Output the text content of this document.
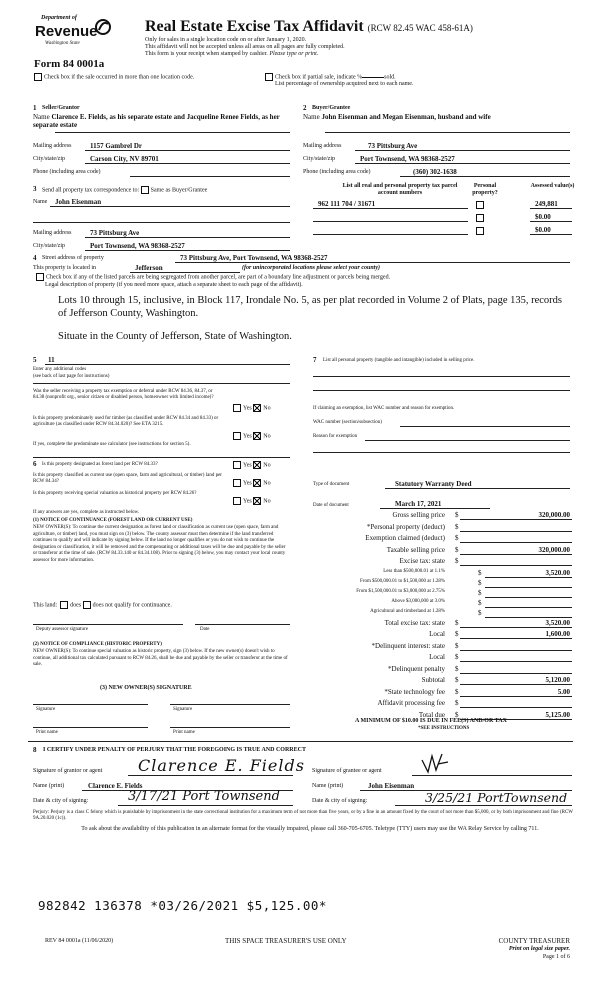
Department of
Revenue
Washington State
Form 84 0001a
Real Estate Excise Tax Affidavit (RCW 82.45 WAC 458-61A)
Only for sales in a single location code on or after January 1, 2020.
This affidavit will not be accepted unless all areas on all pages are fully completed.
This form is your receipt when stamped by cashier. Please type or print.
Check box if the sale occurred in more than one location code.	Check box if partial sale, indicate %	sold.
List percentage of ownership acquired next to each name.
1 Seller/Grantor
Name Clarence E. Fields, as his separate estate and Jacqueline Renee Fields, as her separate estate
Mailing address	1157 Gambrel Dr
City/state/zip	Carson City, NV 89701
Phone (including area code)
2 Buyer/Grantee
Name John Eisenman and Megan Eisenman, husband and wife
Mailing address	73 Pittsburg Ave
City/state/zip	Port Townsend, WA 98368-2527
Phone (including area code)	(360) 302-1638
3 Send all property tax correspondence to: Same as Buyer/Grantee
Name John Eisenman
Mailing address	73 Pittsburg Ave
City/state/zip	Port Townsend, WA 98368-2527
List all real and personal property tax parcel account numbers
Personal property?
Assessed value(s)
962 111 704 / 31671	249,881
$0.00
$0.00
4 Street address of property	73 Pittsburg Ave, Port Townsend, WA 98368-2527
This property is located in	Jefferson	(for unincorporated locations please select your county)
Check box if any of the listed parcels are being segregated from another parcel, are part of a boundary line adjustment or parcels being merged.
Legal description of property (if you need more space, attach a separate sheet to each page of the affidavit).
Lots 10 through 15, inclusive, in Block 117, Irondale No. 5, as per plat recorded in Volume 2 of Plats, page 135, records of Jefferson County, Washington.
Situate in the County of Jefferson, State of Washington.
5 11
Enter any additional codes
(see back of last page for instructions)
Was the seller receiving a property tax exemption or deferral under RCW 84.36, 84.37, or 84.38 (nonprofit org., senior citizen or disabled person, homeowner with limited income)?
Yes No
Is this property predominately used for timber (as classified under RCW 84.34 and 84.33) or agriculture (as classified under RCW 84.34.020)? See ETA 3215.
Yes No
If yes, complete the predominate use calculator (see instructions for section 5).
6 Is this property designated as forest land per RCW 84.33?	Yes No
Is this property classified as current use (open space, farm and agricultural, or timber) land per RCW 84.34?	Yes No
Is this property receiving special valuation as historical property per RCW 84.26?
Yes No
If any answers are yes, complete as instructed below.
(1) NOTICE OF CONTINUANCE (FOREST LAND OR CURRENT USE)
NEW OWNER(S): To continue the current designation as forest land or classification as current use (open space, farm and agriculture, or timber) land, you must sign on (3) below. The county assessor must then determine if the land transferred continues to qualify and will indicate by signing below. If the land no longer qualifies or you do not wish to continue the designation or classification, it will be removed and the compensating or additional taxes will be due and payable by the seller or transferor at the time of sale. (RCW 84.33.140 or 84.34.108). Prior to signing (3) below, you may contact your local county assessor for more information.
This land: does does not qualify for continuance.
Deputy assessor signature	Date
(2) NOTICE OF COMPLIANCE (HISTORIC PROPERTY)
NEW OWNER(S): To continue special valuation as historic property, sign (3) below. If the new owner(s) doesn't wish to continue, all additional tax calculated pursuant to RCW 84.26, shall be due and payable by the seller or transferor at the time of sale.
(3) NEW OWNER(S) SIGNATURE
Signature	Signature
Print name	Print name
7	List all personal property (tangible and intangible) included in selling price.
If claiming an exemption, list WAC number and reason for exemption.
WAC number (section/subsection)
Reason for exemption
Type of document	Statutory Warranty Deed
Date of document	March 17, 2021
Gross selling price $	320,000.00
*Personal property (deduct) $
Exemption claimed (deduct) $
Taxable selling price $	320,000.00
Excise tax: state $
Less than $500,000.01 at 1.1%	$	3,520.00
From $500,000.01 to $1,500,000 at 1.28%	$
From $1,500,000.01 to $3,000,000 at 2.75%	$
Above $3,000,000 at 3.0%	$
Agricultural and timberland at 1.28%	$
Total excise tax: state $	3,520.00
Local $	1,600.00
*Delinquent interest: state $
Local $
*Delinquent penalty $
Subtotal $	5,120.00
*State technology fee $	5.00
Affidavit processing fee $
Total due $	5,125.00
A MINIMUM OF $10.00 IS DUE IN FEE(S) AND/OR TAX
*SEE INSTRUCTIONS
8 I CERTIFY UNDER PENALTY OF PERJURY THAT THE FOREGOING IS TRUE AND CORRECT
Signature of grantor or agent Clarence E. Fields
Name (print)	Clarence E. Fields
Date & city of signing:	3/17/21 Port Townsend
Signature of grantee or agent
Name (print)	John Eisenman
Date & city of signing:	3/25/21 PortTownsend
Perjury: Perjury is a class C felony which is punishable by imprisonment in the state correctional institution for a maximum term of not more than five years, or by a fine in an amount fixed by the court of not more than $5,000, or by both imprisonment and fine (RCW 9A.20.020 (1c)).
To ask about the availability of this publication in an alternate format for the visually impaired, please call 360-705-6705. Teletype (TTY) users may use the WA Relay Service by calling 711.
982842 136378 *03/26/2021 $5,125.00*
REV 84 0001a (11/06/2020)	THIS SPACE TREASURER'S USE ONLY	COUNTY TREASURER
Print on legal size paper.
Page 1 of 6
